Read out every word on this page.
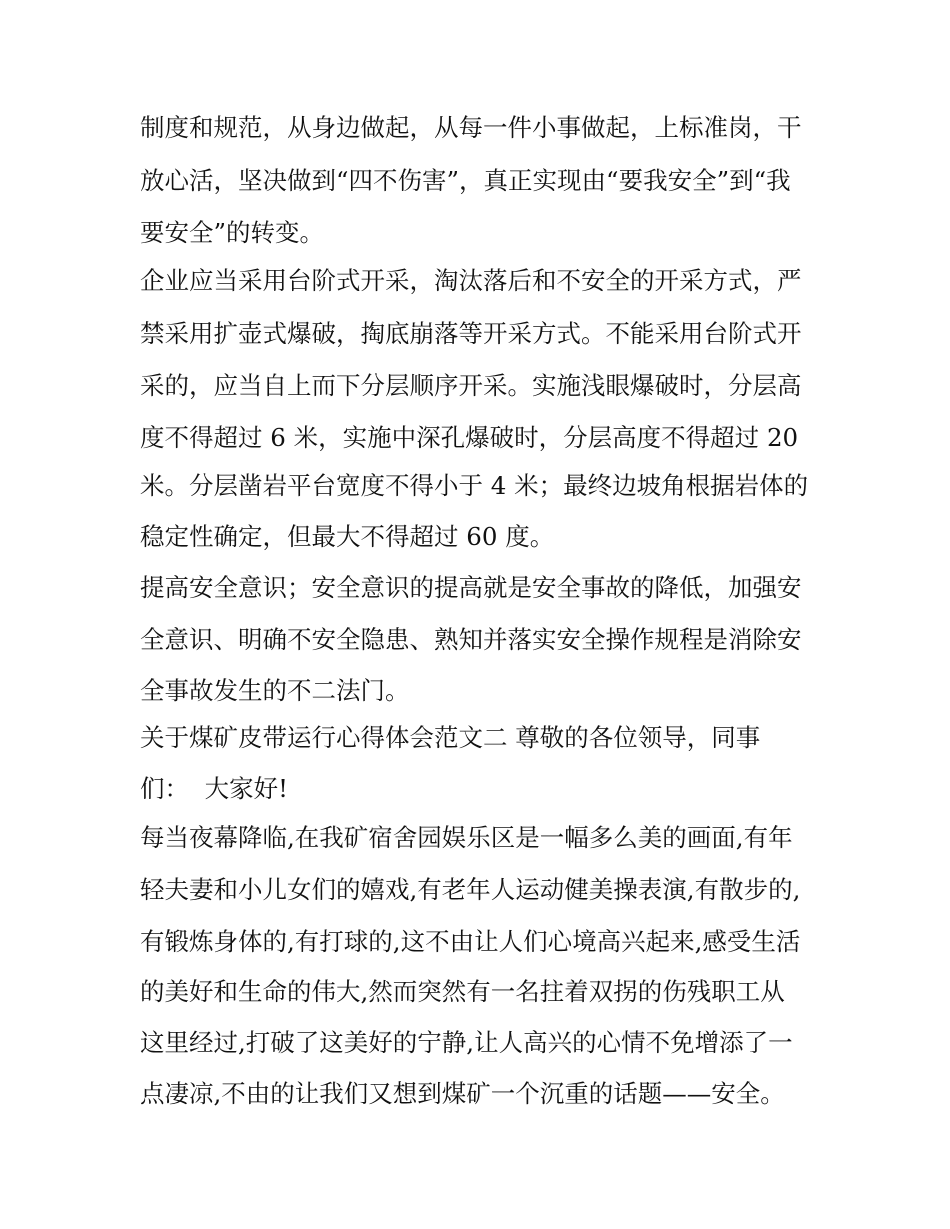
制度和规范，从身边做起，从每一件小事做起，上标准岗，干

放心活，坚决做到“四不伤害”，真正实现由“要我安全”到“我

要安全”的转变。

企业应当采用台阶式开采，淘汰落后和不安全的开采方式，严

禁采用扩壶式爆破，掏底崩落等开采方式。不能采用台阶式开

采的，应当自上而下分层顺序开采。实施浅眼爆破时，分层高

度不得超过 6 米，实施中深孔爆破时，分层高度不得超过 20

米。分层凿岩平台宽度不得小于 4 米；最终边坡角根据岩体的

稳定性确定，但最大不得超过 60 度。

提高安全意识；安全意识的提高就是安全事故的降低，加强安

全意识、明确不安全隐患、熟知并落实安全操作规程是消除安

全事故发生的不二法门。

关于煤矿皮带运行心得体会范文二 尊敬的各位领导，同事

们：  大家好!

每当夜幕降临,在我矿宿舍园娱乐区是一幅多么美的画面,有年

轻夫妻和小儿女们的嬉戏,有老年人运动健美操表演,有散步的,

有锻炼身体的,有打球的,这不由让人们心境高兴起来,感受生活

的美好和生命的伟大,然而突然有一名拄着双拐的伤残职工从

这里经过,打破了这美好的宁静,让人高兴的心情不免增添了一

点凄凉,不由的让我们又想到煤矿一个沉重的话题——安全。
